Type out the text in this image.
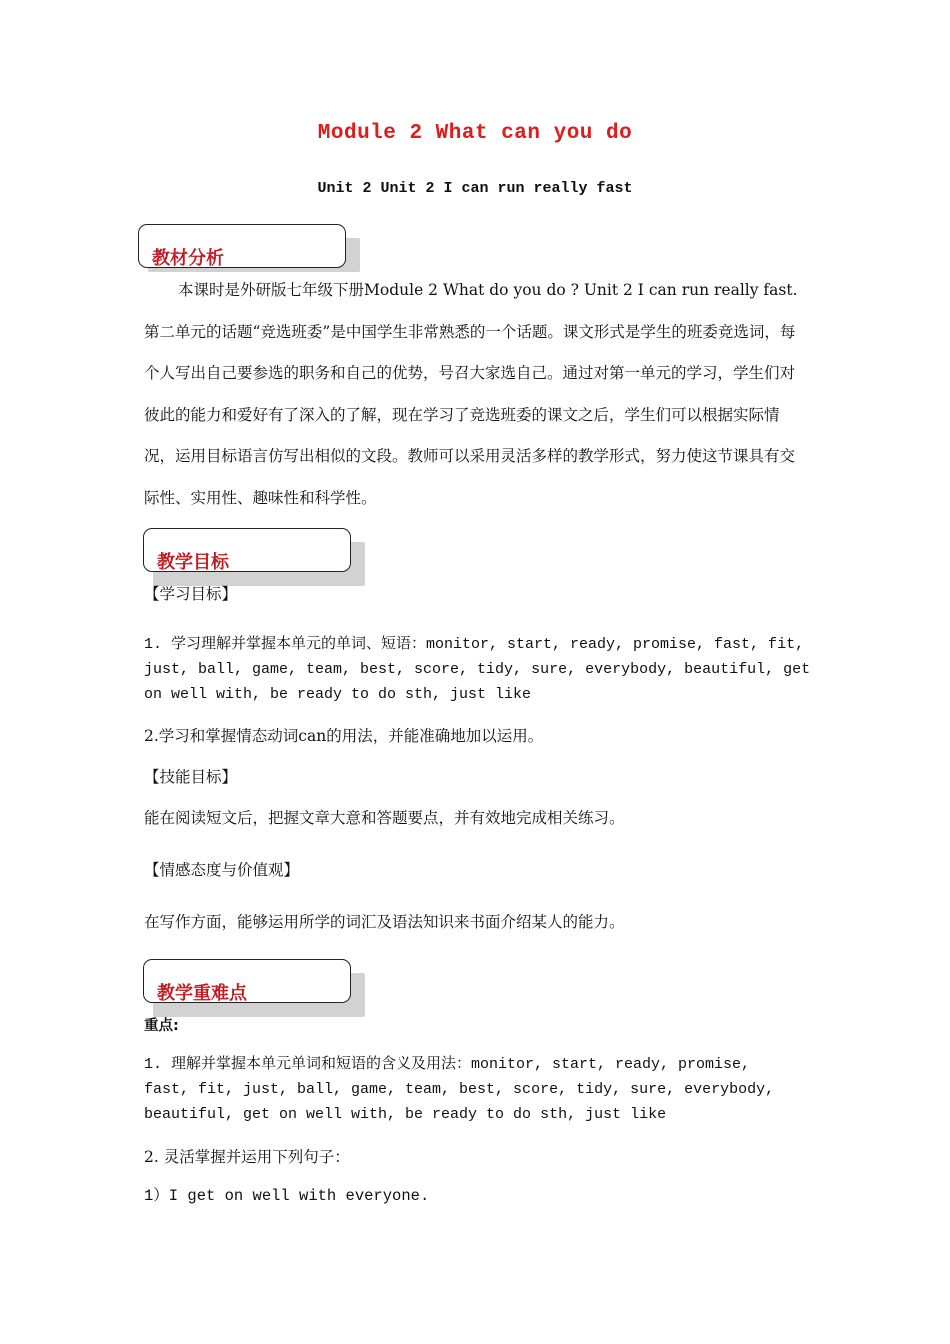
Module 2 What can you do
Unit 2 Unit 2 I can run really fast
教材分析
本课时是外研版七年级下册Module 2 What do you do ? Unit 2 I can run really fast.第二单元的话题“竞选班委”是中国学生非常熟悉的一个话题。课文形式是学生的班委竞选词，每个人写出自己要参选的职务和自己的优势，号召大家选自己。通过对第一单元的学习，学生们对彼此的能力和爱好有了深入的了解，现在学习了竞选班委的课文之后，学生们可以根据实际情况，运用目标语言仿写出相似的文段。教师可以采用灵活多样的教学形式，努力使这节课具有交际性、实用性、趣味性和科学性。
教学目标
【学习目标】
1. 学习理解并掌握本单元的单词、短语：monitor, start, ready, promise, fast, fit, just, ball, game, team, best, score, tidy, sure, everybody, beautiful, get on well with, be ready to do sth, just like
2.学习和掌握情态动词can的用法，并能准确地加以运用。
【技能目标】
能在阅读短文后，把握文章大意和答题要点，并有效地完成相关练习。
【情感态度与价值观】
在写作方面，能够运用所学的词汇及语法知识来书面介绍某人的能力。
教学重难点
重点:
1. 理解并掌握本单元单词和短语的含义及用法：monitor, start, ready, promise, fast, fit, just, ball, game, team, best, score, tidy, sure, everybody, beautiful, get on well with, be ready to do sth, just like
2. 灵活掌握并运用下列句子：
1）I get on well with everyone.
